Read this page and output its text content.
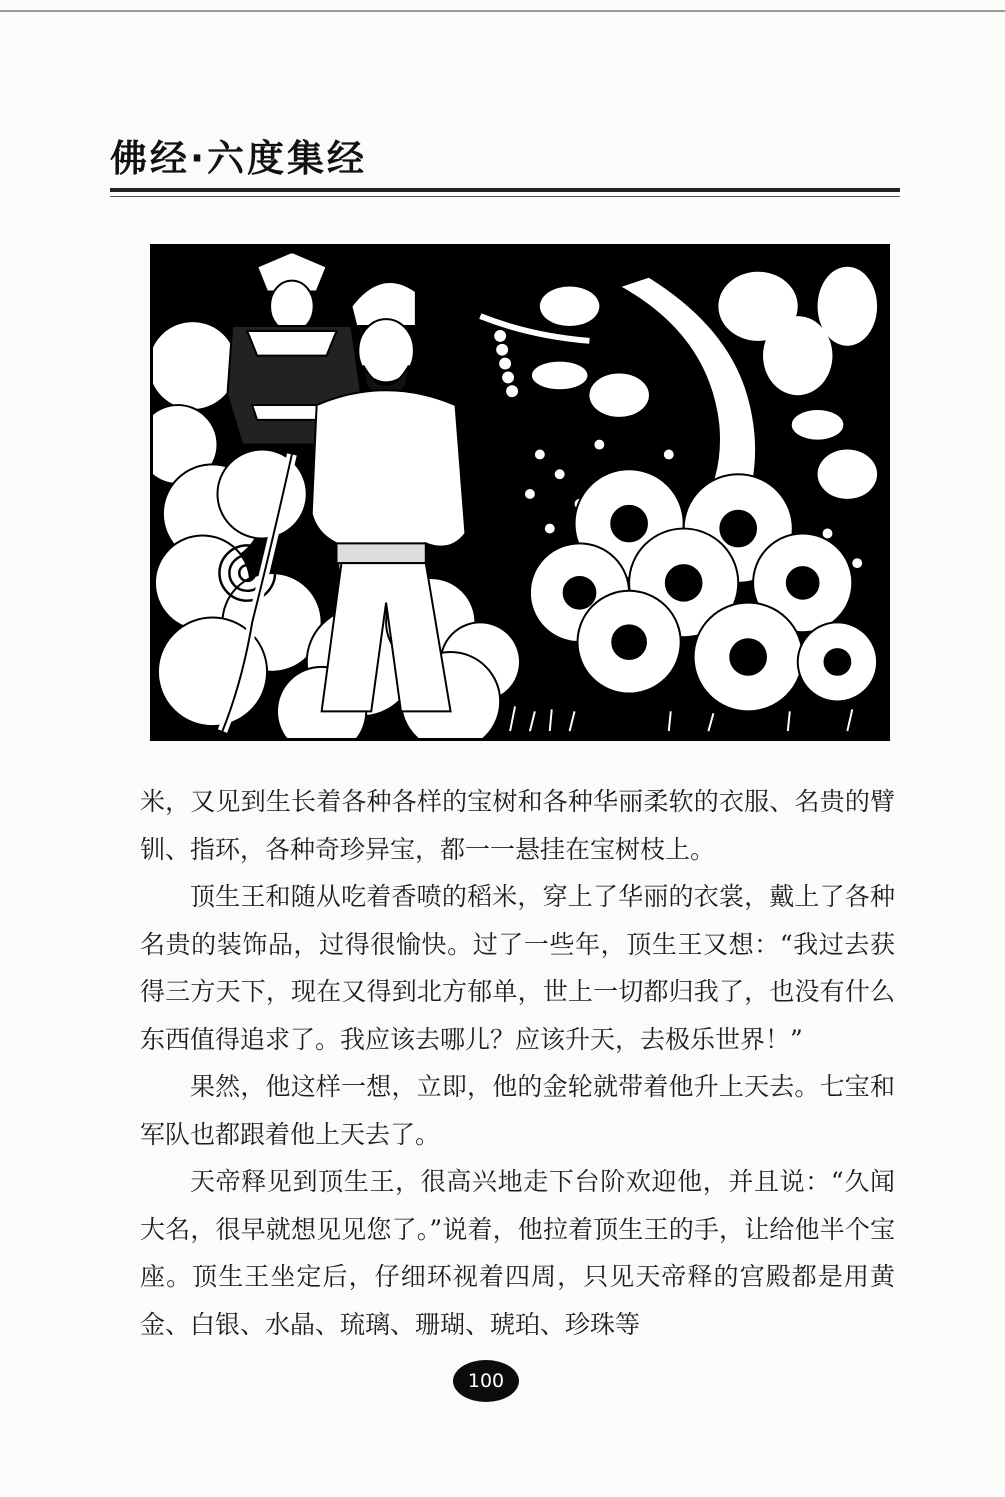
佛经·六度集经

米，又见到生长着各种各样的宝树和各种华丽柔软的衣服、名贵的臂钏、指环，各种奇珍异宝，都一一悬挂在宝树枝上。

顶生王和随从吃着香喷的稻米，穿上了华丽的衣裳，戴上了各种名贵的装饰品，过得很愉快。过了一些年，顶生王又想：“我过去获得三方天下，现在又得到北方郁单，世上一切都归我了，也没有什么东西值得追求了。我应该去哪儿？应该升天，去极乐世界！”

果然，他这样一想，立即，他的金轮就带着他升上天去。七宝和军队也都跟着他上天去了。

天帝释见到顶生王，很高兴地走下台阶欢迎他，并且说：“久闻大名，很早就想见见您了。”说着，他拉着顶生王的手，让给他半个宝座。顶生王坐定后，仔细环视着四周，只见天帝释的宫殿都是用黄金、白银、水晶、琉璃、珊瑚、琥珀、珍珠等

100
